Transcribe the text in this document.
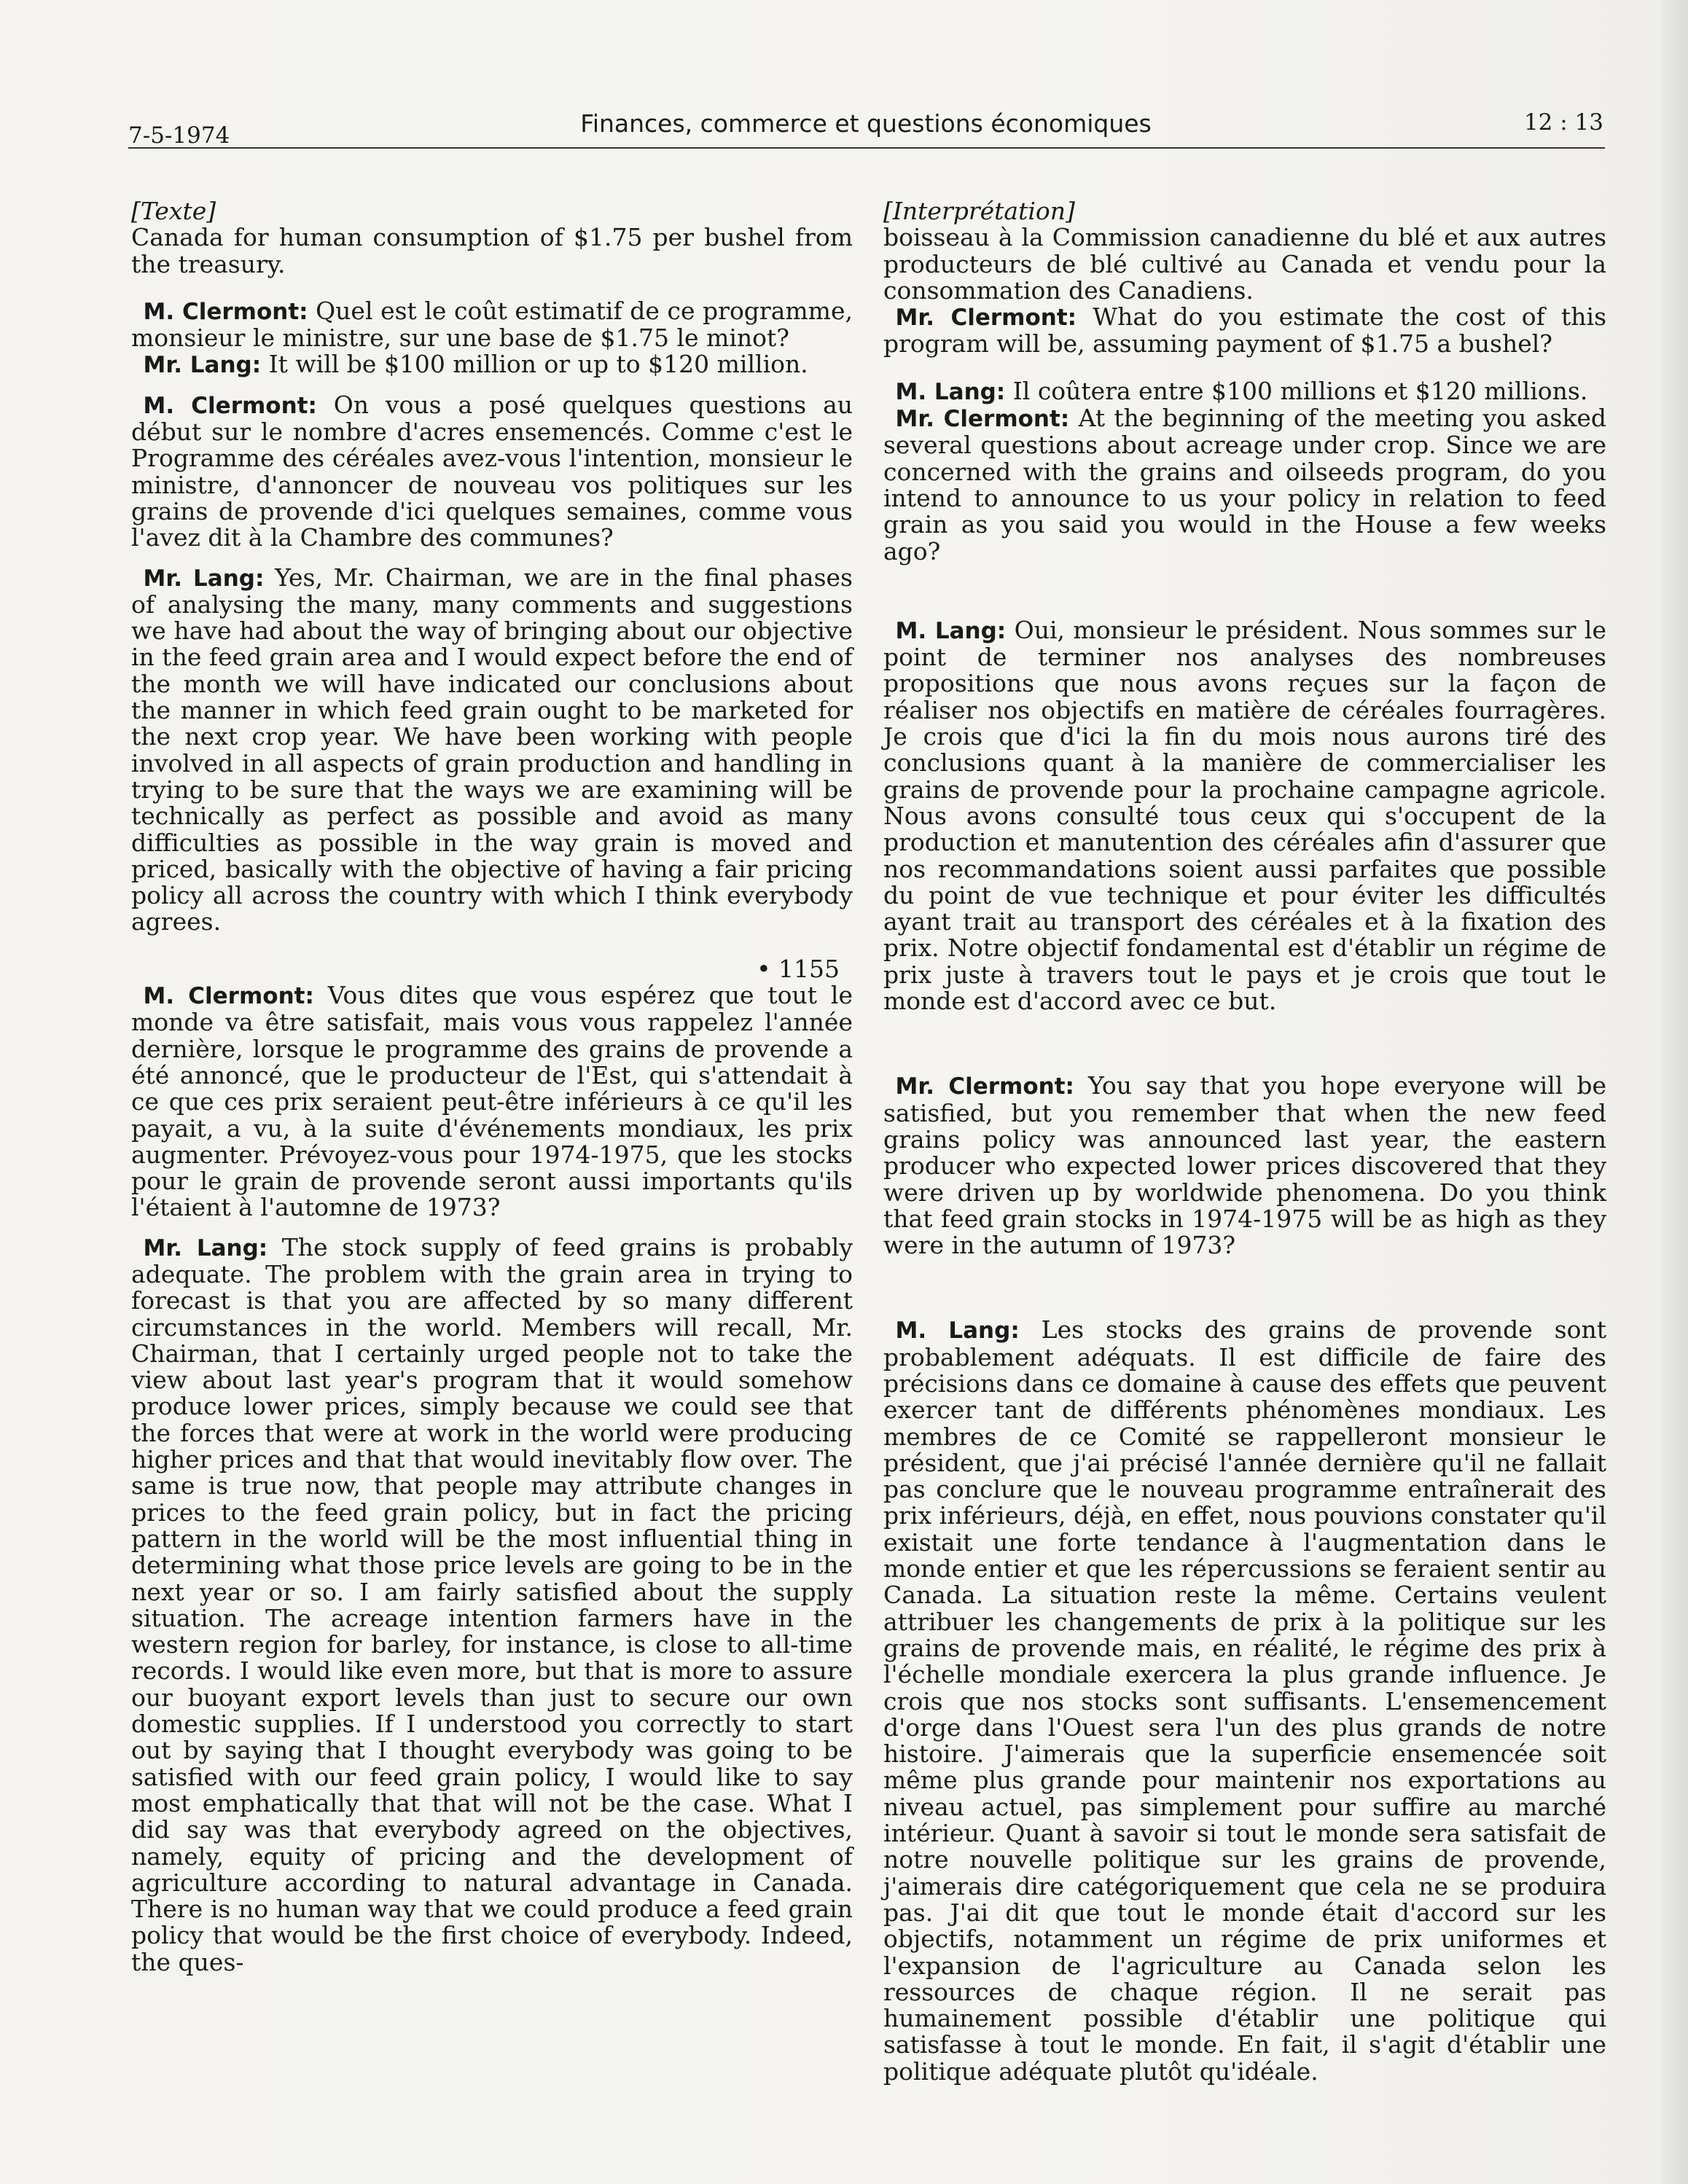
7-5-1974	Finances, commerce et questions économiques	12 : 13

[Texte]

Canada for human consumption of $1.75 per bushel from the treasury.

M. Clermont: Quel est le coût estimatif de ce programme, monsieur le ministre, sur une base de $1.75 le minot?

Mr. Lang: It will be $100 million or up to $120 million.

M. Clermont: On vous a posé quelques questions au début sur le nombre d'acres ensemencés. Comme c'est le Programme des céréales avez-vous l'intention, monsieur le ministre, d'annoncer de nouveau vos politiques sur les grains de provende d'ici quelques semaines, comme vous l'avez dit à la Chambre des communes?

Mr. Lang: Yes, Mr. Chairman, we are in the final phases of analysing the many, many comments and suggestions we have had about the way of bringing about our objective in the feed grain area and I would expect before the end of the month we will have indicated our conclusions about the manner in which feed grain ought to be marketed for the next crop year. We have been working with people involved in all aspects of grain production and handling in trying to be sure that the ways we are examining will be technically as perfect as possible and avoid as many difficulties as possible in the way grain is moved and priced, basically with the objective of having a fair pricing policy all across the country with which I think everybody agrees.

• 1155

M. Clermont: Vous dites que vous espérez que tout le monde va être satisfait, mais vous vous rappelez l'année dernière, lorsque le programme des grains de provende a été annoncé, que le producteur de l'Est, qui s'attendait à ce que ces prix seraient peut-être inférieurs à ce qu'il les payait, a vu, à la suite d'événements mondiaux, les prix augmenter. Prévoyez-vous pour 1974-1975, que les stocks pour le grain de provende seront aussi importants qu'ils l'étaient à l'automne de 1973?

Mr. Lang: The stock supply of feed grains is probably adequate. The problem with the grain area in trying to forecast is that you are affected by so many different circumstances in the world. Members will recall, Mr. Chairman, that I certainly urged people not to take the view about last year's program that it would somehow produce lower prices, simply because we could see that the forces that were at work in the world were producing higher prices and that that would inevitably flow over. The same is true now, that people may attribute changes in prices to the feed grain policy, but in fact the pricing pattern in the world will be the most influential thing in determining what those price levels are going to be in the next year or so. I am fairly satisfied about the supply situation. The acreage intention farmers have in the western region for barley, for instance, is close to all-time records. I would like even more, but that is more to assure our buoyant export levels than just to secure our own domestic supplies. If I understood you correctly to start out by saying that I thought everybody was going to be satisfied with our feed grain policy, I would like to say most emphatically that that will not be the case. What I did say was that everybody agreed on the objectives, namely, equity of pricing and the development of agriculture according to natural advantage in Canada. There is no human way that we could produce a feed grain policy that would be the first choice of everybody. Indeed, the ques-

[Interprétation]

boisseau à la Commission canadienne du blé et aux autres producteurs de blé cultivé au Canada et vendu pour la consommation des Canadiens.

Mr. Clermont: What do you estimate the cost of this program will be, assuming payment of $1.75 a bushel?

M. Lang: Il coûtera entre $100 millions et $120 millions.

Mr. Clermont: At the beginning of the meeting you asked several questions about acreage under crop. Since we are concerned with the grains and oilseeds program, do you intend to announce to us your policy in relation to feed grain as you said you would in the House a few weeks ago?

M. Lang: Oui, monsieur le président. Nous sommes sur le point de terminer nos analyses des nombreuses propositions que nous avons reçues sur la façon de réaliser nos objectifs en matière de céréales fourragères. Je crois que d'ici la fin du mois nous aurons tiré des conclusions quant à la manière de commercialiser les grains de provende pour la prochaine campagne agricole. Nous avons consulté tous ceux qui s'occupent de la production et manutention des céréales afin d'assurer que nos recommandations soient aussi parfaites que possible du point de vue technique et pour éviter les difficultés ayant trait au transport des céréales et à la fixation des prix. Notre objectif fondamental est d'établir un régime de prix juste à travers tout le pays et je crois que tout le monde est d'accord avec ce but.

Mr. Clermont: You say that you hope everyone will be satisfied, but you remember that when the new feed grains policy was announced last year, the eastern producer who expected lower prices discovered that they were driven up by worldwide phenomena. Do you think that feed grain stocks in 1974-1975 will be as high as they were in the autumn of 1973?

M. Lang: Les stocks des grains de provende sont probablement adéquats. Il est difficile de faire des précisions dans ce domaine à cause des effets que peuvent exercer tant de différents phénomènes mondiaux. Les membres de ce Comité se rappelleront monsieur le président, que j'ai précisé l'année dernière qu'il ne fallait pas conclure que le nouveau programme entraînerait des prix inférieurs, déjà, en effet, nous pouvions constater qu'il existait une forte tendance à l'augmentation dans le monde entier et que les répercussions se feraient sentir au Canada. La situation reste la même. Certains veulent attribuer les changements de prix à la politique sur les grains de provende mais, en réalité, le régime des prix à l'échelle mondiale exercera la plus grande influence. Je crois que nos stocks sont suffisants. L'ensemencement d'orge dans l'Ouest sera l'un des plus grands de notre histoire. J'aimerais que la superficie ensemencée soit même plus grande pour maintenir nos exportations au niveau actuel, pas simplement pour suffire au marché intérieur. Quant à savoir si tout le monde sera satisfait de notre nouvelle politique sur les grains de provende, j'aimerais dire catégoriquement que cela ne se produira pas. J'ai dit que tout le monde était d'accord sur les objectifs, notamment un régime de prix uniformes et l'expansion de l'agriculture au Canada selon les ressources de chaque région. Il ne serait pas humainement possible d'établir une politique qui satisfasse à tout le monde. En fait, il s'agit d'établir une politique adéquate plutôt qu'idéale.
